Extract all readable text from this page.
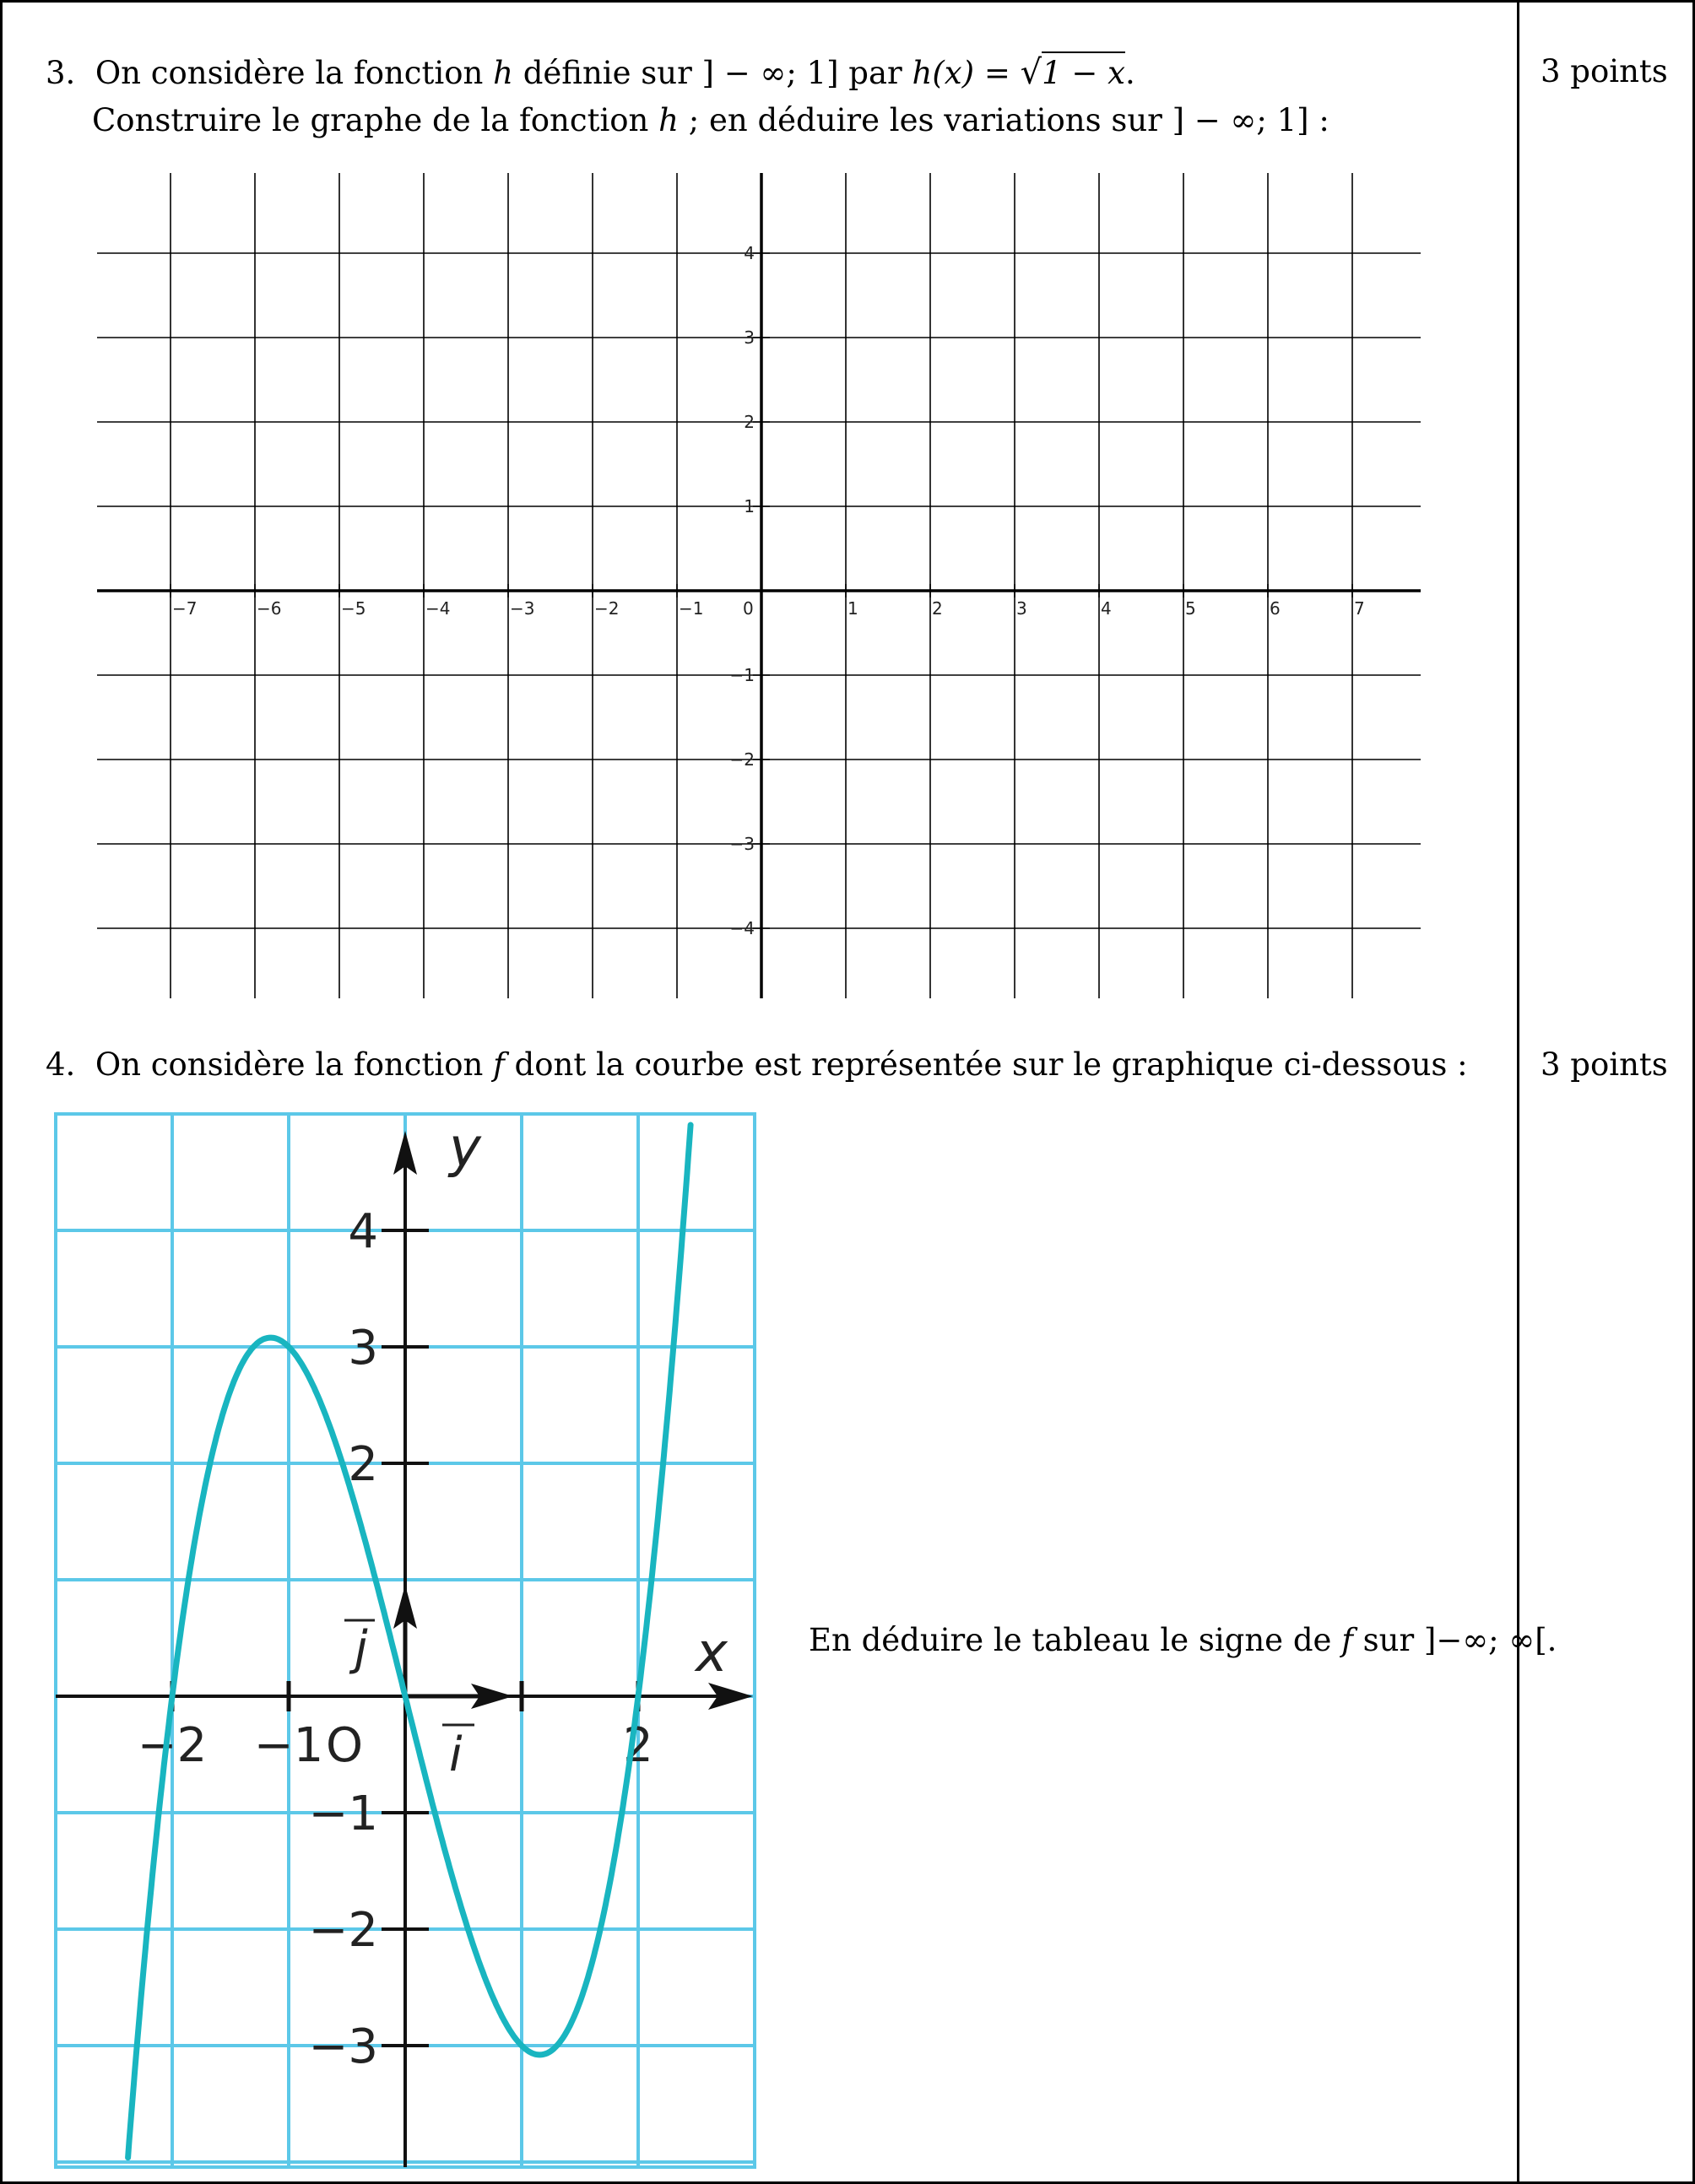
3. On considère la fonction h définie sur ] − ∞; 1] par h(x) = √1 − x.
Construire le graphe de la fonction h ; en déduire les variations sur ] − ∞; 1] :
3 points
−7	−6	−5	−4	−3	−2	−1 0	1	2	3	4	5	6	7
4
3
2
1
−1
−2
−3
−4
4. On considère la fonction f dont la courbe est représentée sur le graphique ci-dessous : 3 points
En déduire le tableau le signe de f sur ]−∞; ∞[.
−2 −1	2
4
3
2
−1
−2
−3
O
y
x
i
j
